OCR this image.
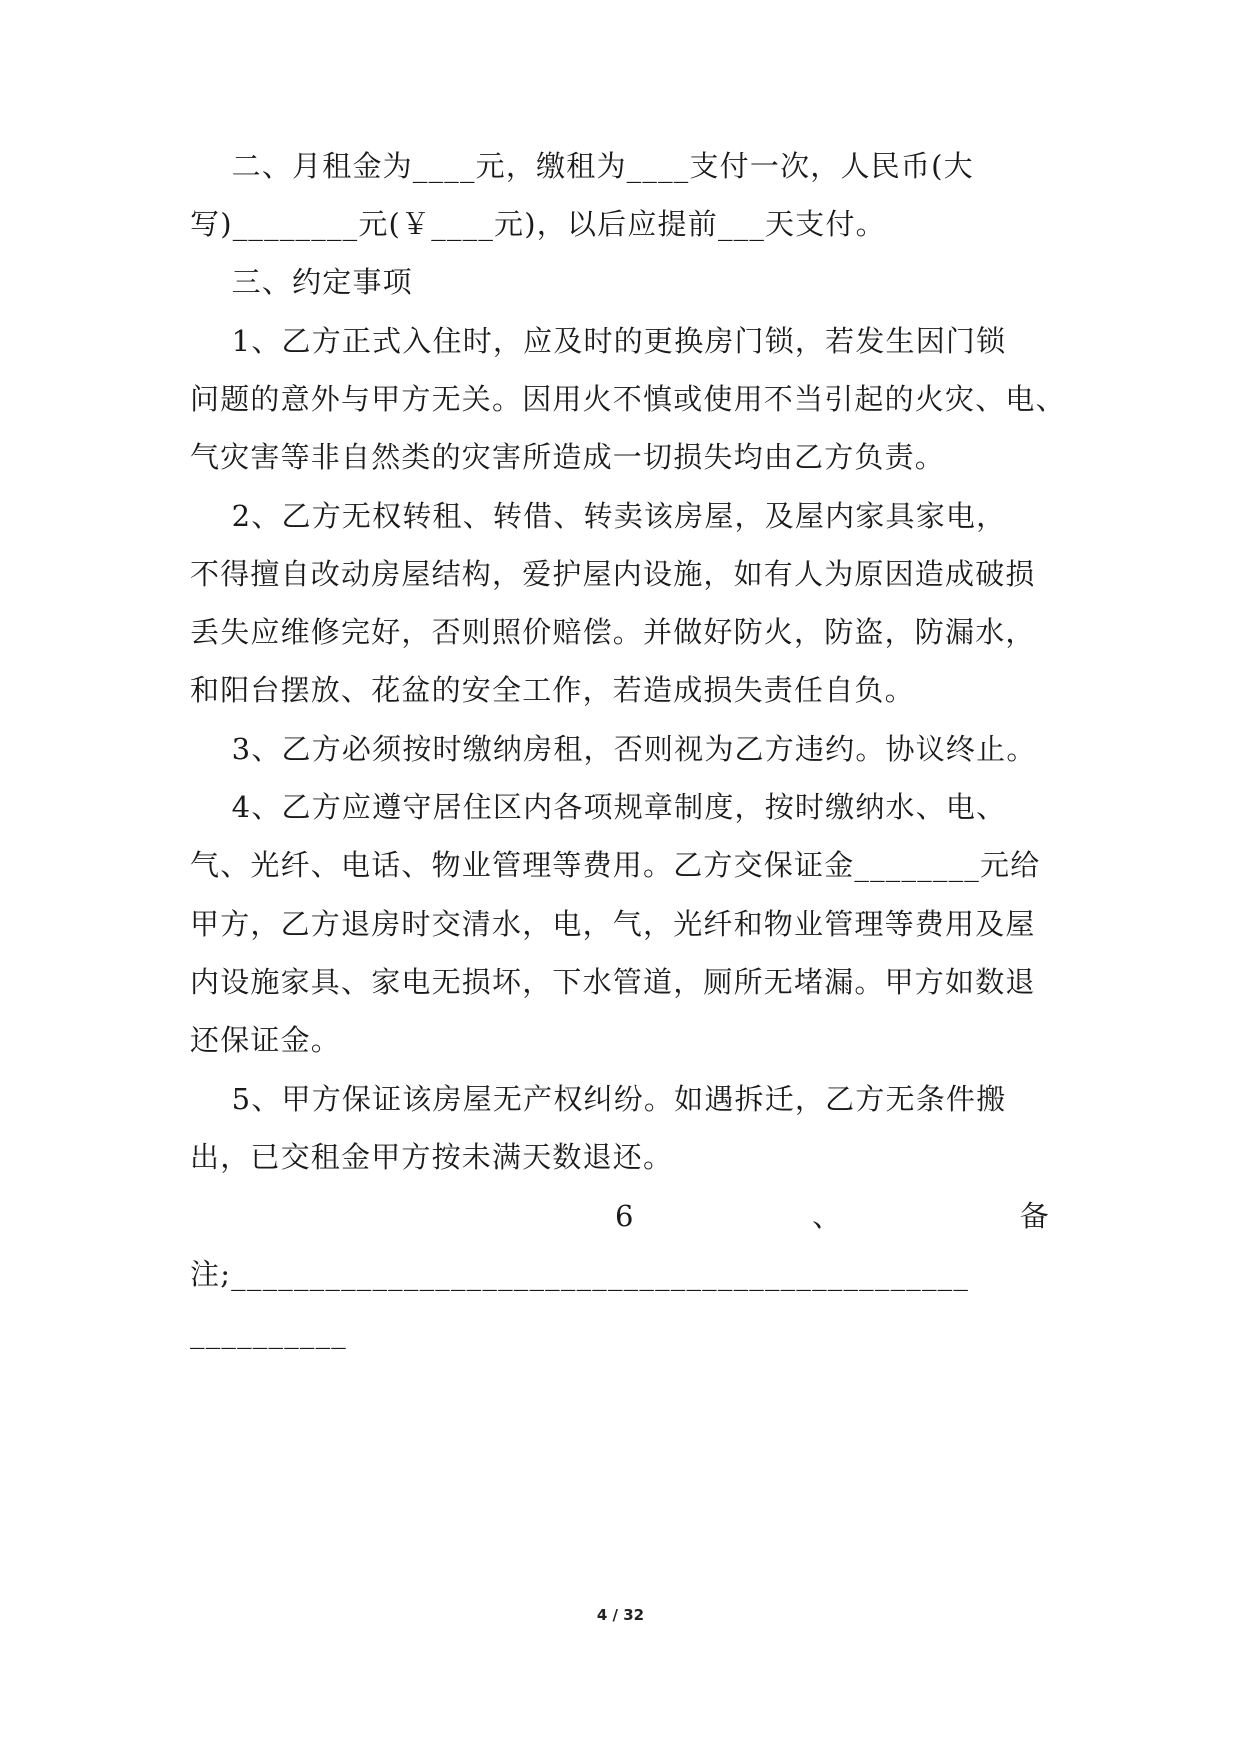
二、月租金为____元，缴租为____支付一次，人民币(大
写)________元(￥____元)，以后应提前___天支付。
三、约定事项
1、乙方正式入住时，应及时的更换房门锁，若发生因门锁
问题的意外与甲方无关。因用火不慎或使用不当引起的火灾、电、
气灾害等非自然类的灾害所造成一切损失均由乙方负责。
2、乙方无权转租、转借、转卖该房屋，及屋内家具家电，
不得擅自改动房屋结构，爱护屋内设施，如有人为原因造成破损
丢失应维修完好，否则照价赔偿。并做好防火，防盗，防漏水，
和阳台摆放、花盆的安全工作，若造成损失责任自负。
3、乙方必须按时缴纳房租，否则视为乙方违约。协议终止。
4、乙方应遵守居住区内各项规章制度，按时缴纳水、电、
气、光纤、电话、物业管理等费用。乙方交保证金________元给
甲方，乙方退房时交清水，电，气，光纤和物业管理等费用及屋
内设施家具、家电无损坏，下水管道，厕所无堵漏。甲方如数退
还保证金。
5、甲方保证该房屋无产权纠纷。如遇拆迁，乙方无条件搬
出，已交租金甲方按未满天数退还。
6	、	备
注;_______________________________________________
__________
4 / 32
